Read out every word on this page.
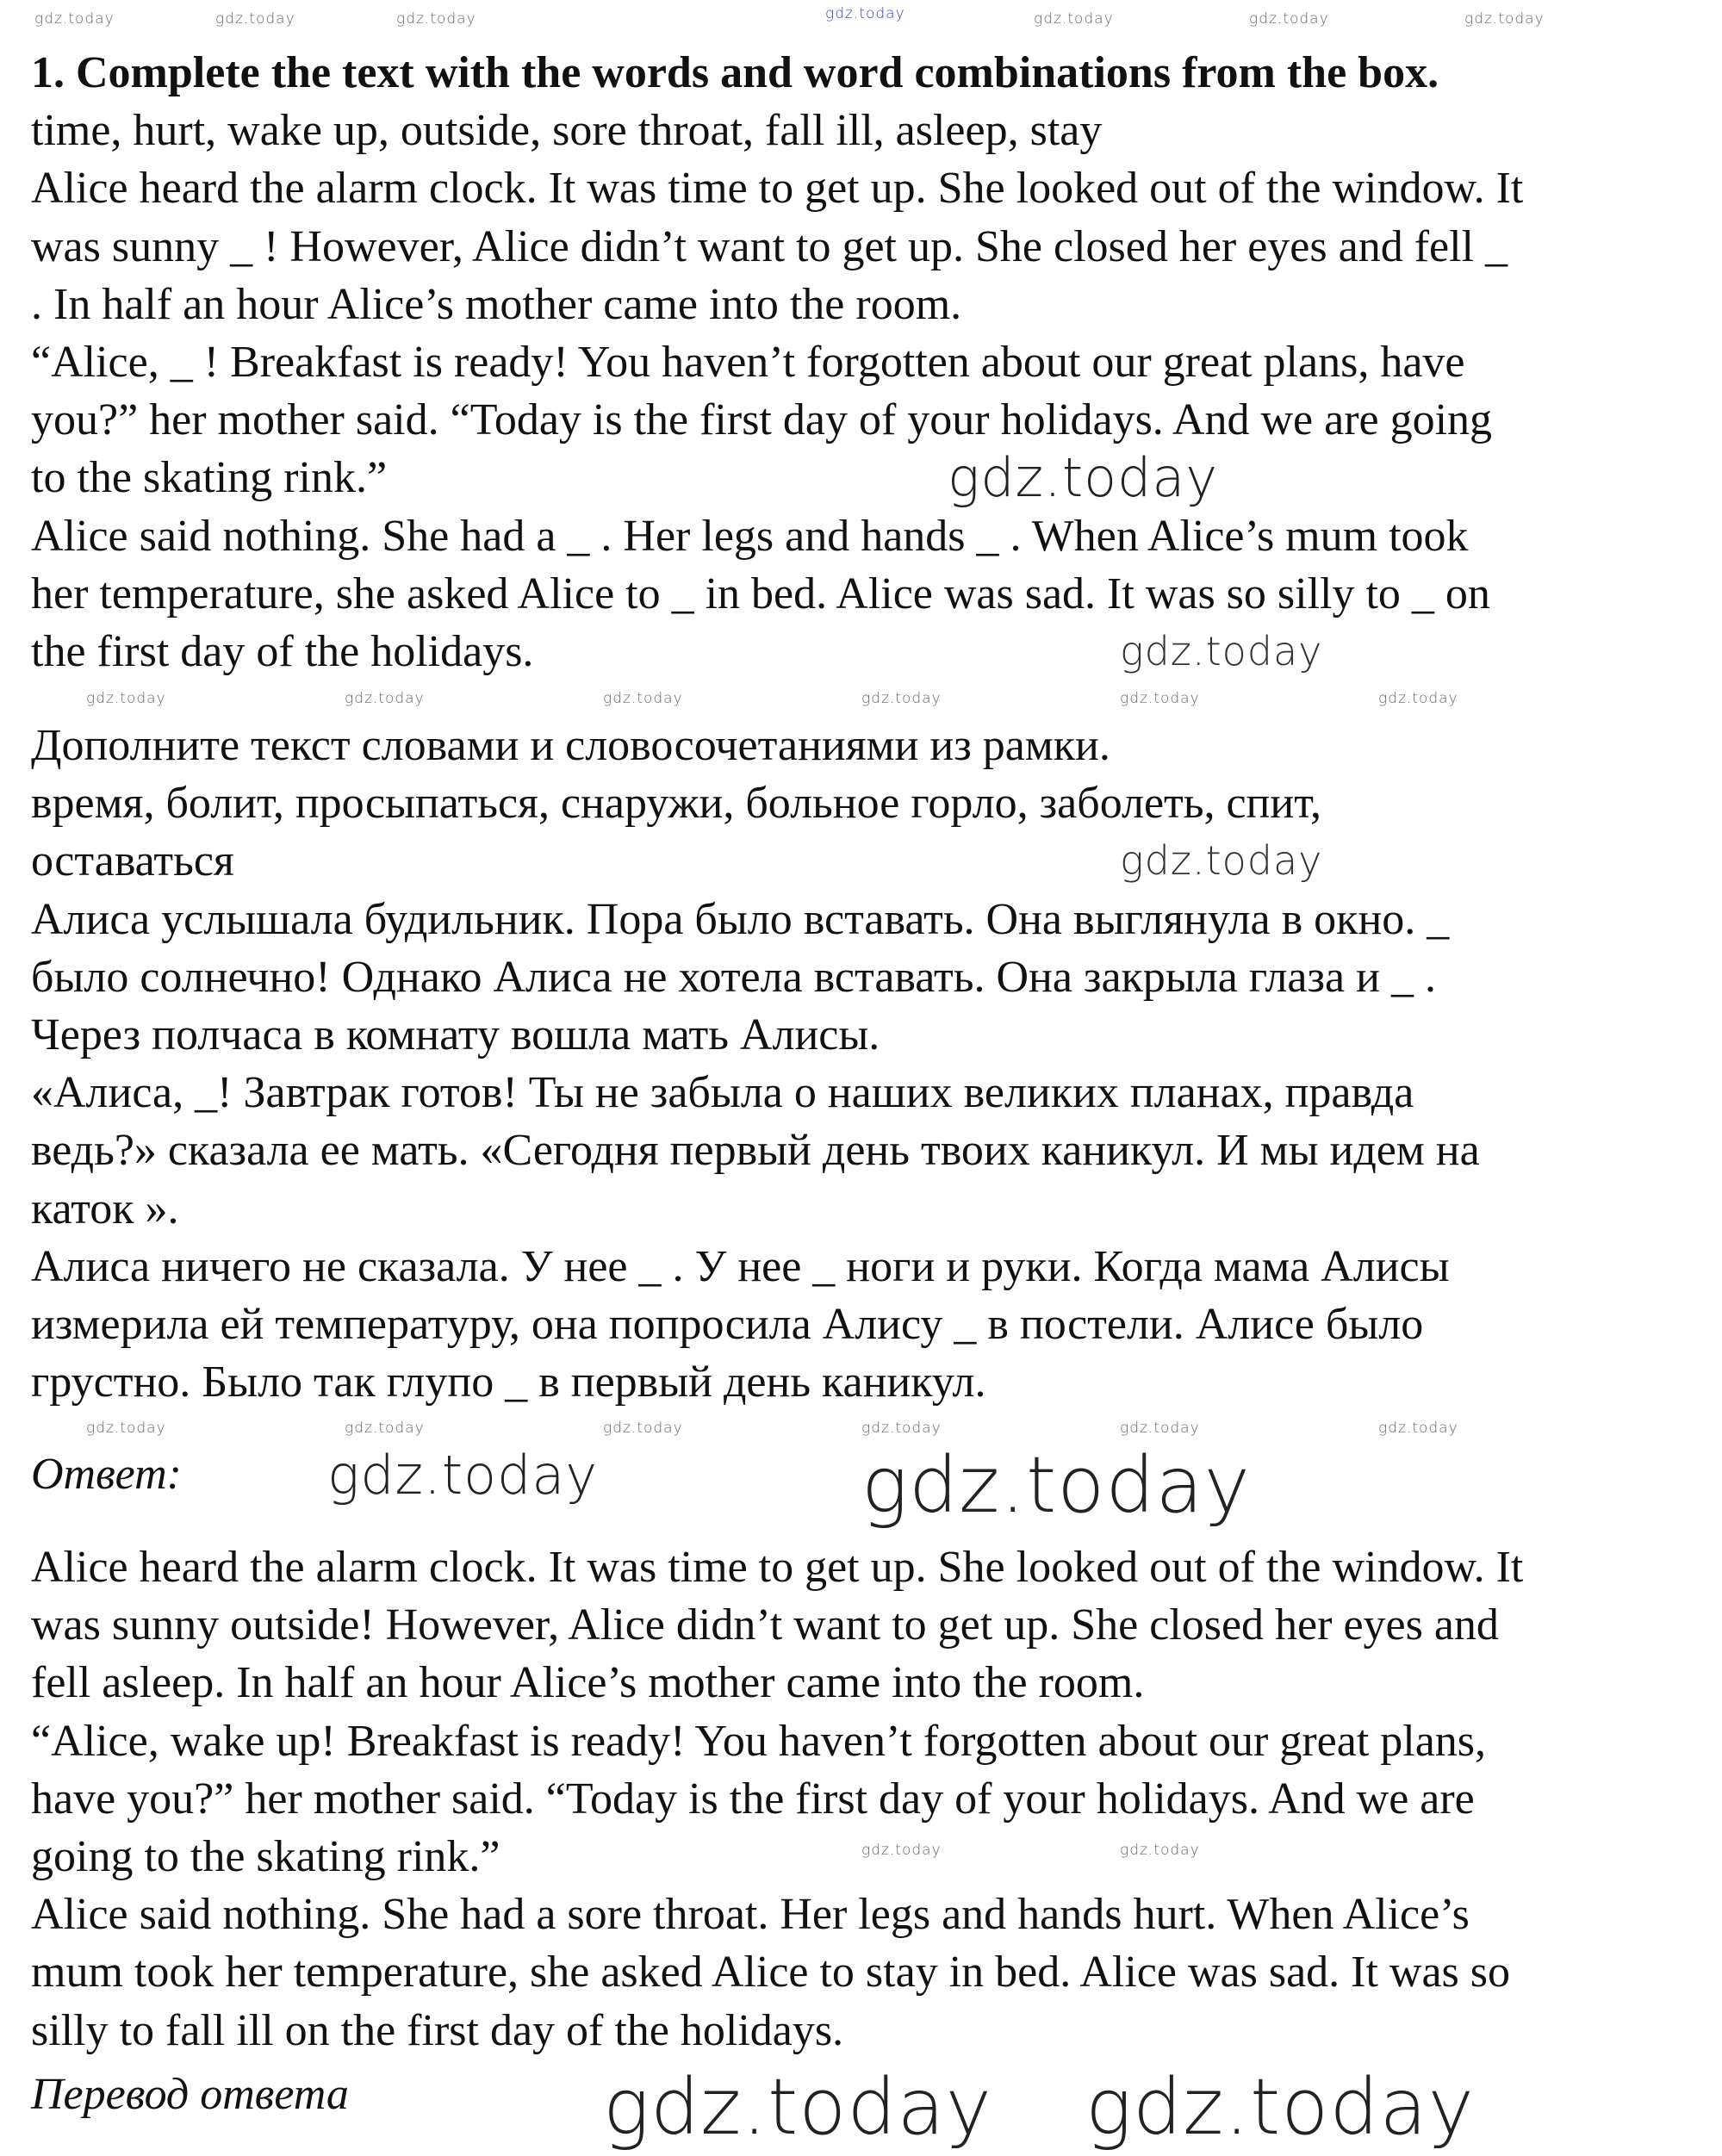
1. Complete the text with the words and word combinations from the box.
time, hurt, wake up, outside, sore throat, fall ill, asleep, stay
Alice heard the alarm clock. It was time to get up. She looked out of the window. It
was sunny _ ! However, Alice didn’t want to get up. She closed her eyes and fell _
. In half an hour Alice’s mother came into the room.
“Alice, _ ! Breakfast is ready! You haven’t forgotten about our great plans, have
you?” her mother said. “Today is the first day of your holidays. And we are going
to the skating rink.”
Alice said nothing. She had a _ . Her legs and hands _ . When Alice’s mum took
her temperature, she asked Alice to _ in bed. Alice was sad. It was so silly to _ on
the first day of the holidays.
Дополните текст словами и словосочетаниями из рамки.
время, болит, просыпаться, снаружи, больное горло, заболеть, спит,
оставаться
Алиса услышала будильник. Пора было вставать. Она выглянула в окно. _
было солнечно! Однако Алиса не хотела вставать. Она закрыла глаза и _ .
Через полчаса в комнату вошла мать Алисы.
«Алиса, _! Завтрак готов! Ты не забыла о наших великих планах, правда
ведь?» сказала ее мать. «Сегодня первый день твоих каникул. И мы идем на
каток ».
Алиса ничего не сказала. У нее _ . У нее _ ноги и руки. Когда мама Алисы
измерила ей температуру, она попросила Алису _ в постели. Алисе было
грустно. Было так глупо _ в первый день каникул.
Ответ:
Alice heard the alarm clock. It was time to get up. She looked out of the window. It
was sunny outside! However, Alice didn’t want to get up. She closed her eyes and
fell asleep. In half an hour Alice’s mother came into the room.
“Alice, wake up! Breakfast is ready! You haven’t forgotten about our great plans,
have you?” her mother said. “Today is the first day of your holidays. And we are
going to the skating rink.”
Alice said nothing. She had a sore throat. Her legs and hands hurt. When Alice’s
mum took her temperature, she asked Alice to stay in bed. Alice was sad. It was so
silly to fall ill on the first day of the holidays.
Перевод ответа
gdz.today
gdz.today	gdz.today	gdz.today	gdz.today	gdz.today	gdz.today
gdz.today
gdz.today
gdz.today	gdz.today	gdz.today	gdz.today	gdz.today	gdz.today
gdz.today
gdz.today	gdz.today	gdz.today	gdz.today	gdz.today	gdz.today
gdz.today	gdz.today
gdz.today	gdz.today
gdz.today gdz.today
